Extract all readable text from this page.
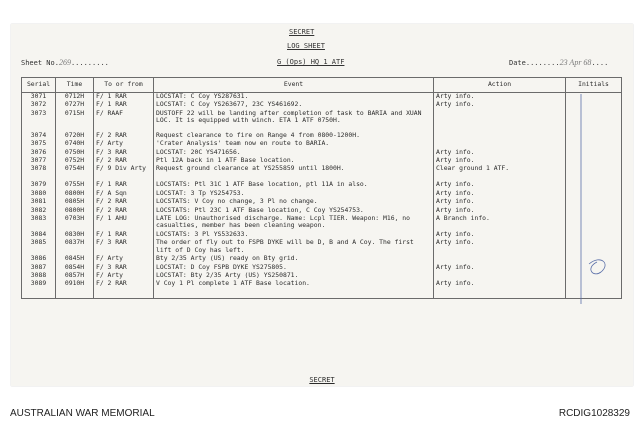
SECRET
LOG SHEET
Sheet No.269.........	G (Ops) HQ 1 ATF	Date........23 Apr 68....
Serial	Time	To or from	Event	Action	Initials
3071	0712H	F/ 1 RAR	LOCSTAT: C Coy YS287631.	Arty info.	
3072	0727H	F/ 1 RAR	LOCSTAT: C Coy YS263677, 23C YS461692.	Arty info.	
3073	0715H	F/ RAAF	DUSTOFF 22 will be landing after completion of task to BARIA and XUAN LOC. It is equipped with winch. ETA 1 ATF 0750H.		
3074	0720H	F/ 2 RAR	Request clearance to fire on Range 4 from 0800-1200H.		
3075	0740H	F/ Arty	'Crater Analysis' team now en route to BARIA.		
3076	0750H	F/ 3 RAR	LOCSTAT: 20C YS471656.	Arty info.	
3077	0752H	F/ 2 RAR	Ptl 12A back in 1 ATF Base location.	Arty info.	
3078	0754H	F/ 9 Div Arty	Request ground clearance at YS255859 until 1800H.	Clear ground 1 ATF.	
3079	0755H	F/ 1 RAR	LOCSTATS: Ptl 31C 1 ATF Base location, ptl 11A in also.	Arty info.	
3080	0800H	F/ A Sqn	LOCSTAT: 3 Tp YS254753.	Arty info.	
3081	0805H	F/ 2 RAR	LOCSTATS: V Coy no change, 3 Pl no change.	Arty info.	
3082	0800H	F/ 2 RAR	LOCSTATS: Ptl 23C 1 ATF Base location, C Coy YS254753.	Arty info.	
3083	0703H	F/ 1 AHU	LATE LOG: Unauthorised discharge. Name: Lcpl TIER. Weapon: M16, no casualties, member has been cleaning weapon.	A Branch info.	
3084	0830H	F/ 1 RAR	LOCSTATS: 3 Pl YS532633.	Arty info.	
3085	0837H	F/ 3 RAR	The order of fly out to FSPB DYKE will be D, B and A Coy. The first lift of D Coy has left.	Arty info.	
3086	0845H	F/ Arty	Bty 2/35 Arty (US) ready on Bty grid.		
3087	0854H	F/ 3 RAR	LOCSTAT: D Coy FSPB DYKE YS275805.	Arty info.	
3088	0857H	F/ Arty	LOCSTAT: Bty 2/35 Arty (US) YS250871.		
3089	0910H	F/ 2 RAR	V Coy 1 Pl complete 1 ATF Base location.	Arty info.	
SECRET
AUSTRALIAN WAR MEMORIAL	RCDIG1028329
